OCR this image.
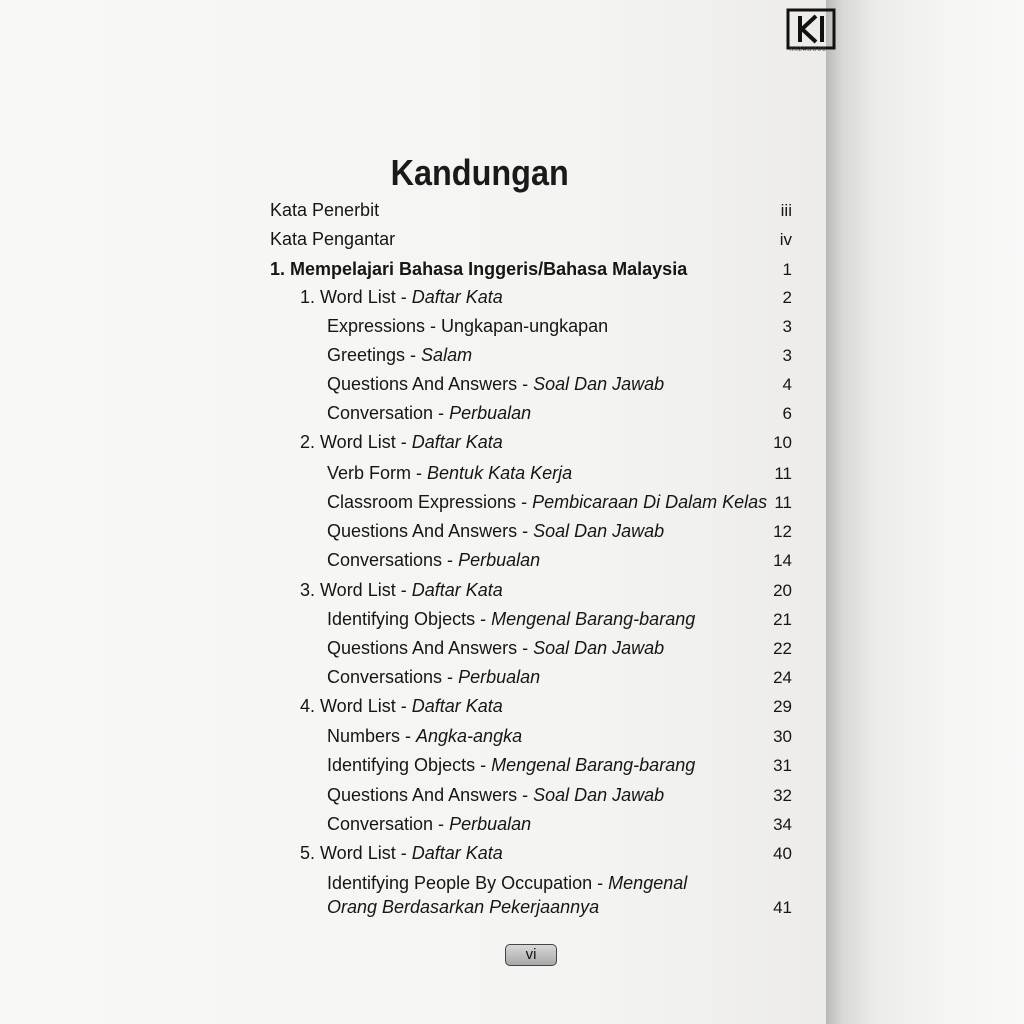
KKZAWOOD
Kandungan
Kata Penerbit	iii
Kata Pengantar	iv
1. Mempelajari Bahasa Inggeris/Bahasa Malaysia	1
1. Word List - Daftar Kata	2
Expressions - Ungkapan-ungkapan	3
Greetings - Salam	3
Questions And Answers - Soal Dan Jawab	4
Conversation - Perbualan	6
2. Word List - Daftar Kata	10
Verb Form - Bentuk Kata Kerja	11
Classroom Expressions - Pembicaraan Di Dalam Kelas 11
Questions And Answers - Soal Dan Jawab	12
Conversations - Perbualan	14
3. Word List - Daftar Kata	20
Identifying Objects - Mengenal Barang-barang	21
Questions And Answers - Soal Dan Jawab	22
Conversations - Perbualan	24
4. Word List - Daftar Kata	29
Numbers - Angka-angka	30
Identifying Objects - Mengenal Barang-barang	31
Questions And Answers - Soal Dan Jawab	32
Conversation - Perbualan	34
5. Word List - Daftar Kata	40
Identifying People By Occupation - Mengenal
Orang Berdasarkan Pekerjaannya	41
vi
